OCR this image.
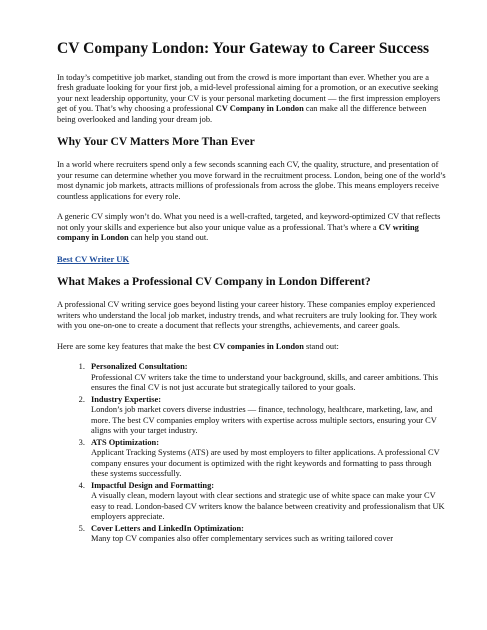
CV Company London: Your Gateway to Career Success

In today’s competitive job market, standing out from the crowd is more important than ever. Whether you are a fresh graduate looking for your first job, a mid-level professional aiming for a promotion, or an executive seeking your next leadership opportunity, your CV is your personal marketing document — the first impression employers get of you. That’s why choosing a professional CV Company in London can make all the difference between being overlooked and landing your dream job.

Why Your CV Matters More Than Ever

In a world where recruiters spend only a few seconds scanning each CV, the quality, structure, and presentation of your resume can determine whether you move forward in the recruitment process. London, being one of the world’s most dynamic job markets, attracts millions of professionals from across the globe. This means employers receive countless applications for every role.

A generic CV simply won’t do. What you need is a well-crafted, targeted, and keyword-optimized CV that reflects not only your skills and experience but also your unique value as a professional. That’s where a CV writing company in London can help you stand out.

Best CV Writer UK

What Makes a Professional CV Company in London Different?

A professional CV writing service goes beyond listing your career history. These companies employ experienced writers who understand the local job market, industry trends, and what recruiters are truly looking for. They work with you one-on-one to create a document that reflects your strengths, achievements, and career goals.

Here are some key features that make the best CV companies in London stand out:

1. Personalized Consultation:
Professional CV writers take the time to understand your background, skills, and career ambitions. This ensures the final CV is not just accurate but strategically tailored to your goals.
2. Industry Expertise:
London’s job market covers diverse industries — finance, technology, healthcare, marketing, law, and more. The best CV companies employ writers with expertise across multiple sectors, ensuring your CV aligns with your target industry.
3. ATS Optimization:
Applicant Tracking Systems (ATS) are used by most employers to filter applications. A professional CV company ensures your document is optimized with the right keywords and formatting to pass through these systems successfully.
4. Impactful Design and Formatting:
A visually clean, modern layout with clear sections and strategic use of white space can make your CV easy to read. London-based CV writers know the balance between creativity and professionalism that UK employers appreciate.
5. Cover Letters and LinkedIn Optimization:
Many top CV companies also offer complementary services such as writing tailored cover
